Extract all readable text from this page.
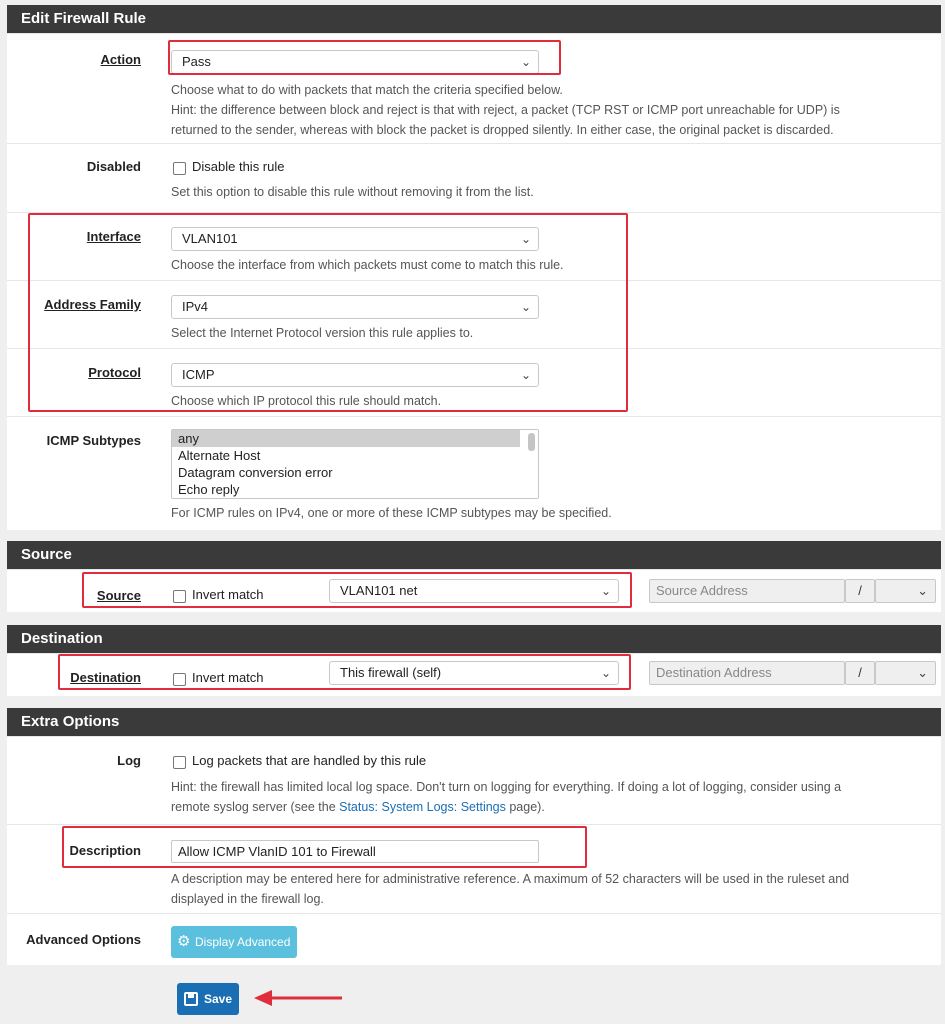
Edit Firewall Rule
Action	Pass	⌄
Choose what to do with packets that match the criteria specified below.
Hint: the difference between block and reject is that with reject, a packet (TCP RST or ICMP port unreachable for UDP) is
returned to the sender, whereas with block the packet is dropped silently. In either case, the original packet is discarded.
Disabled	Disable this rule
Set this option to disable this rule without removing it from the list.
Interface	VLAN101	⌄
Choose the interface from which packets must come to match this rule.
Address Family	IPv4	⌄
Select the Internet Protocol version this rule applies to.
Protocol	ICMP	⌄
Choose which IP protocol this rule should match.
ICMP Subtypes	any
Alternate Host
Datagram conversion error
Echo reply
For ICMP rules on IPv4, one or more of these ICMP subtypes may be specified.
Source
Source	Invert match	VLAN101 net	⌄	Source Address	/	⌄
Destination
Destination	Invert match	This firewall (self)	⌄	Destination Address	/	⌄
Extra Options
Log	Log packets that are handled by this rule
Hint: the firewall has limited local log space. Don't turn on logging for everything. If doing a lot of logging, consider using a
remote syslog server (see the Status: System Logs: Settings page).
Description	Allow ICMP VlanID 101 to Firewall
A description may be entered here for administrative reference. A maximum of 52 characters will be used in the ruleset and
displayed in the firewall log.
Advanced Options ⚙ Display Advanced
Save
